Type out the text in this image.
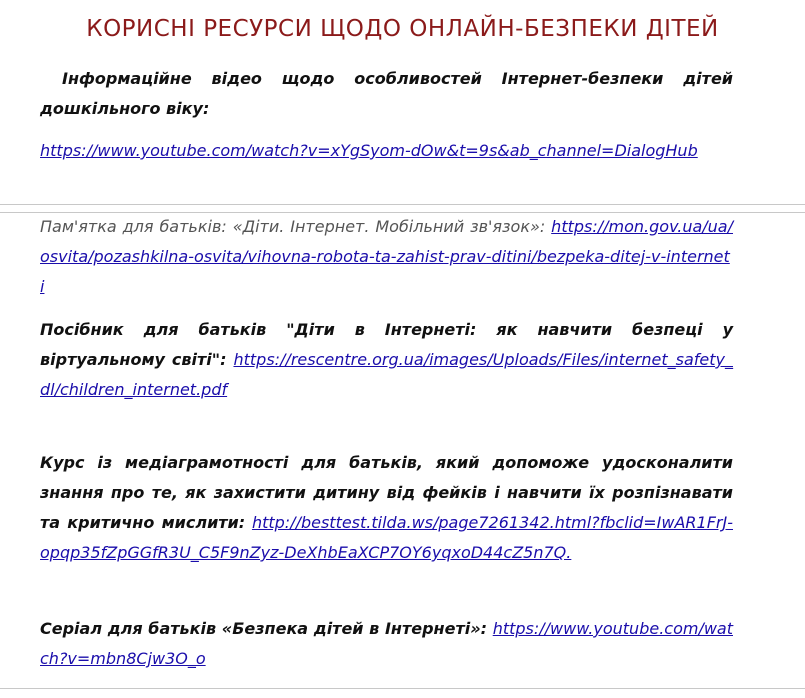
КОРИСНІ РЕСУРСИ ЩОДО ОНЛАЙН-БЕЗПЕКИ ДІТЕЙ
Інформаційне відео щодо особливостей Інтернет-безпеки дітей дошкільного віку:
https://www.youtube.com/watch?v=xYgSyom-dOw&t=9s&ab_channel=DialogHub
Пам'ятка для батьків: «Діти. Інтернет. Мобільний зв'язок»: https://mon.gov.ua/ua/osvita/pozashkilna-osvita/vihovna-robota-ta-zahist-prav-ditini/bezpeka-ditej-v-interneti
Посібник для батьків "Діти в Інтернеті: як навчити безпеці у віртуальному світі": https://rescentre.org.ua/images/Uploads/Files/internet_safety_dl/children_internet.pdf
Курс із медіаграмотності для батьків, який допоможе удосконалити знання про те, як захистити дитину від фейків і навчити їх розпізнавати та критично мислити: http://besttest.tilda.ws/page7261342.html?fbclid=IwAR1FrJ-opqp35fZpGGfR3U_C5F9nZyz-DeXhbEaXCP7OY6yqxoD44cZ5n7Q.
Серіал для батьків «Безпека дітей в Інтернеті»: https://www.youtube.com/watch?v=mbn8Cjw3O_o
